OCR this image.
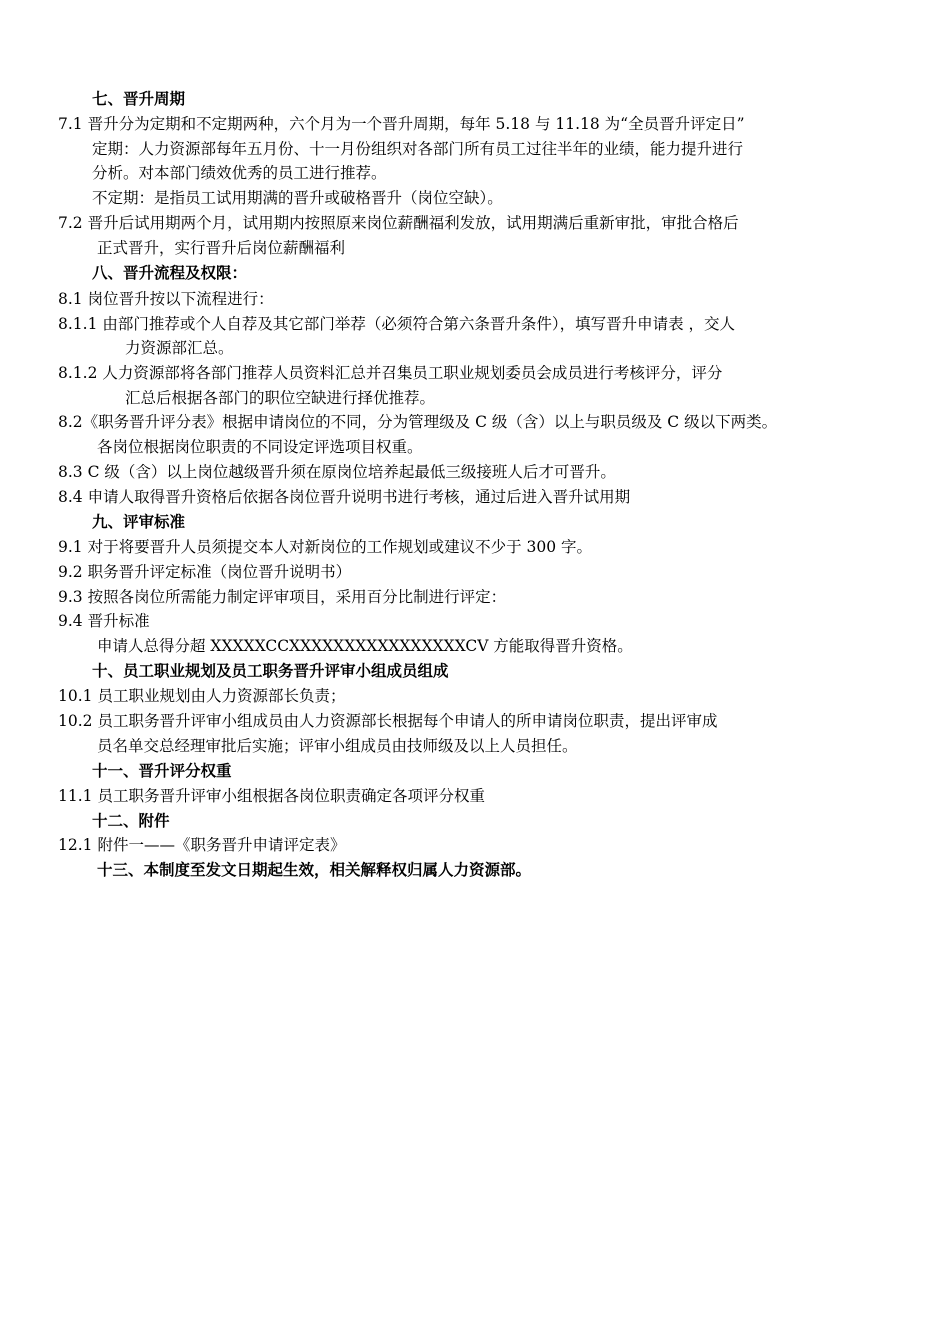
七、晋升周期
7.1 晋升分为定期和不定期两种，六个月为一个晋升周期，每年 5.18 与 11.18 为“全员晋升评定日”
定期：人力资源部每年五月份、十一月份组织对各部门所有员工过往半年的业绩，能力提升进行
分析。对本部门绩效优秀的员工进行推荐。
不定期：是指员工试用期满的晋升或破格晋升（岗位空缺）。
7.2 晋升后试用期两个月，试用期内按照原来岗位薪酬福利发放，试用期满后重新审批，审批合格后
正式晋升，实行晋升后岗位薪酬福利
八、晋升流程及权限：
8.1 岗位晋升按以下流程进行：
8.1.1 由部门推荐或个人自荐及其它部门举荐（必须符合第六条晋升条件），填写晋升申请表 ，交人
力资源部汇总。
8.1.2 人力资源部将各部门推荐人员资料汇总并召集员工职业规划委员会成员进行考核评分，评分
汇总后根据各部门的职位空缺进行择优推荐。
8.2《职务晋升评分表》根据申请岗位的不同，分为管理级及 C 级（含）以上与职员级及 C 级以下两类。
各岗位根据岗位职责的不同设定评选项目权重。
8.3 C 级（含）以上岗位越级晋升须在原岗位培养起最低三级接班人后才可晋升。
8.4 申请人取得晋升资格后依据各岗位晋升说明书进行考核，通过后进入晋升试用期
九、评审标准
9.1 对于将要晋升人员须提交本人对新岗位的工作规划或建议不少于 300 字。
9.2 职务晋升评定标准（岗位晋升说明书）
9.3 按照各岗位所需能力制定评审项目，采用百分比制进行评定：
9.4 晋升标准
申请人总得分超 XXXXXCCXXXXXXXXXXXXXXXXCV 方能取得晋升资格。
十、员工职业规划及员工职务晋升评审小组成员组成
10.1 员工职业规划由人力资源部长负责；
10.2 员工职务晋升评审小组成员由人力资源部长根据每个申请人的所申请岗位职责，提出评审成
员名单交总经理审批后实施；评审小组成员由技师级及以上人员担任。
十一、晋升评分权重
11.1 员工职务晋升评审小组根据各岗位职责确定各项评分权重
十二、附件
12.1 附件一——《职务晋升申请评定表》
十三、本制度至发文日期起生效，相关解释权归属人力资源部。
